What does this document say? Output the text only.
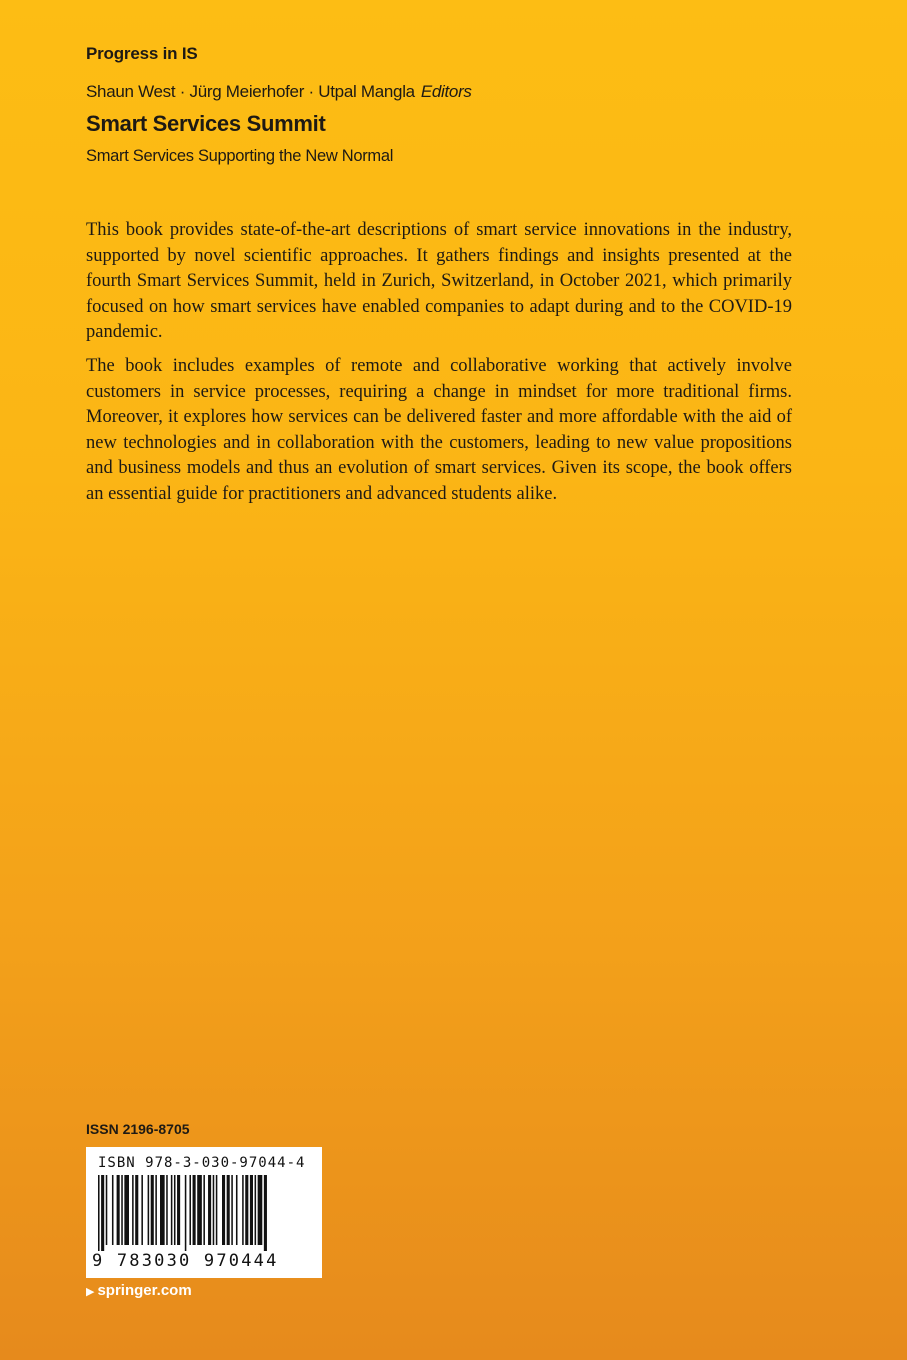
Progress in IS
Shaun West · Jürg Meierhofer · Utpal Mangla Editors
Smart Services Summit
Smart Services Supporting the New Normal

This book provides state-of-the-art descriptions of smart service innovations in the industry, supported by novel scientific approaches. It gathers findings and insights presented at the fourth Smart Services Summit, held in Zurich, Switzerland, in October 2021, which primarily focused on how smart services have enabled companies to adapt during and to the COVID-19 pandemic.

The book includes examples of remote and collaborative working that actively involve customers in service processes, requiring a change in mindset for more traditional firms. Moreover, it explores how services can be delivered faster and more affordable with the aid of new technologies and in collaboration with the customers, leading to new value propositions and business models and thus an evolution of smart services. Given its scope, the book offers an essential guide for practitioners and advanced students alike.

ISSN 2196-8705
ISBN 978-3-030-97044-4
9 783030 970444
▶ springer.com
